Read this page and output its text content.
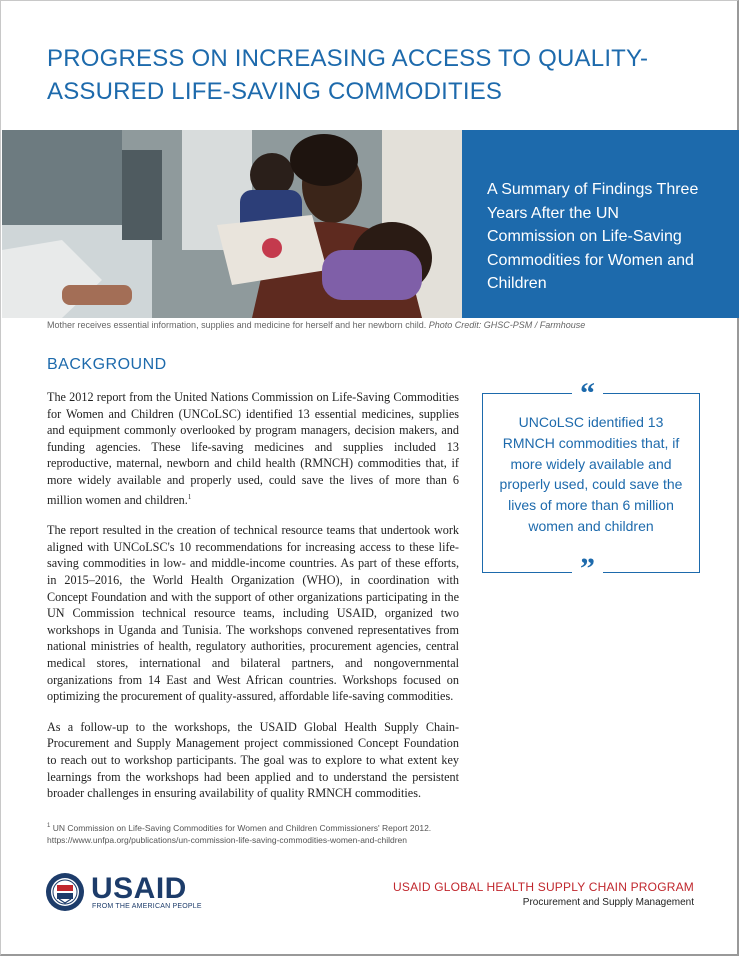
PROGRESS ON INCREASING ACCESS TO QUALITY-ASSURED LIFE-SAVING COMMODITIES
A Summary of Findings Three Years After the UN Commission on Life-Saving Commodities for Women and Children
Mother receives essential information, supplies and medicine for herself and her newborn child. Photo Credit: GHSC-PSM / Farmhouse
BACKGROUND

The 2012 report from the United Nations Commission on Life-Saving Commodities for Women and Children (UNCoLSC) identified 13 essential medicines, supplies and equipment commonly overlooked by program managers, decision makers, and funding agencies. These life-saving medicines and supplies included 13 reproductive, maternal, newborn and child health (RMNCH) commodities that, if more widely available and properly used, could save the lives of more than 6 million women and children.$^1$

The report resulted in the creation of technical resource teams that undertook work aligned with UNCoLSC's 10 recommendations for increasing access to these life-saving commodities in low- and middle-income countries. As part of these efforts, in 2015–2016, the World Health Organization (WHO), in coordination with Concept Foundation and with the support of other organizations participating in the UN Commission technical resource teams, including USAID, organized two workshops in Uganda and Tunisia. The workshops convened representatives from national ministries of health, regulatory authorities, procurement agencies, central medical stores, international and bilateral partners, and nongovernmental organizations from 14 East and West African countries. Workshops focused on optimizing the procurement of quality-assured, affordable life-saving commodities.

As a follow-up to the workshops, the USAID Global Health Supply Chain-Procurement and Supply Management project commissioned Concept Foundation to reach out to workshop participants. The goal was to explore to what extent key learnings from the workshops had been applied and to understand the persistent broader challenges in ensuring availability of quality RMNCH commodities.

“
UNCoLSC identified 13 RMNCH commodities that, if more widely available and properly used, could save the lives of more than 6 million women and children
”
$^1$ UN Commission on Life-Saving Commodities for Women and Children Commissioners' Report 2012. https://www.unfpa.org/publications/un-commission-life-saving-commodities-women-and-children
USAID
FROM THE AMERICAN PEOPLE
USAID GLOBAL HEALTH SUPPLY CHAIN PROGRAM
Procurement and Supply Management
